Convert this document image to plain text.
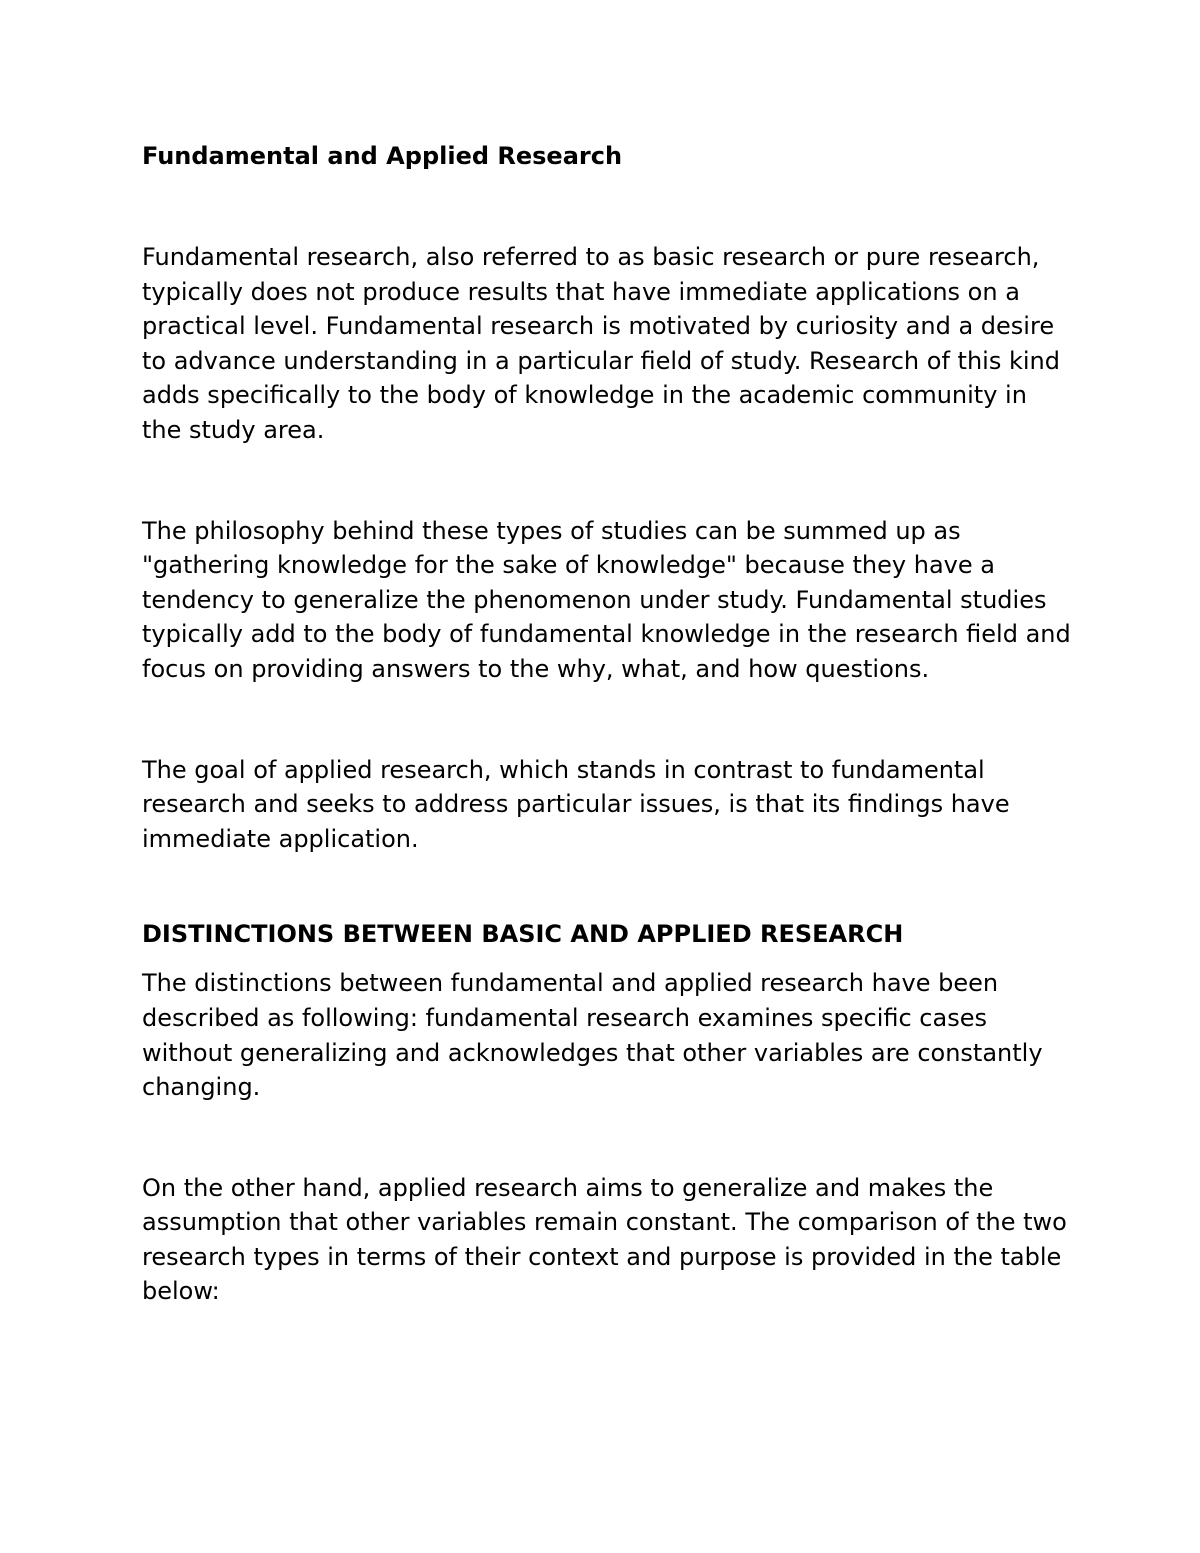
Fundamental and Applied Research

Fundamental research, also referred to as basic research or pure research, typically does not produce results that have immediate applications on a practical level. Fundamental research is motivated by curiosity and a desire to advance understanding in a particular field of study. Research of this kind adds specifically to the body of knowledge in the academic community in the study area.

The philosophy behind these types of studies can be summed up as "gathering knowledge for the sake of knowledge" because they have a tendency to generalize the phenomenon under study. Fundamental studies typically add to the body of fundamental knowledge in the research field and focus on providing answers to the why, what, and how questions.

The goal of applied research, which stands in contrast to fundamental research and seeks to address particular issues, is that its findings have immediate application.

DISTINCTIONS BETWEEN BASIC AND APPLIED RESEARCH

The distinctions between fundamental and applied research have been described as following: fundamental research examines specific cases without generalizing and acknowledges that other variables are constantly changing.

On the other hand, applied research aims to generalize and makes the assumption that other variables remain constant. The comparison of the two research types in terms of their context and purpose is provided in the table below:
